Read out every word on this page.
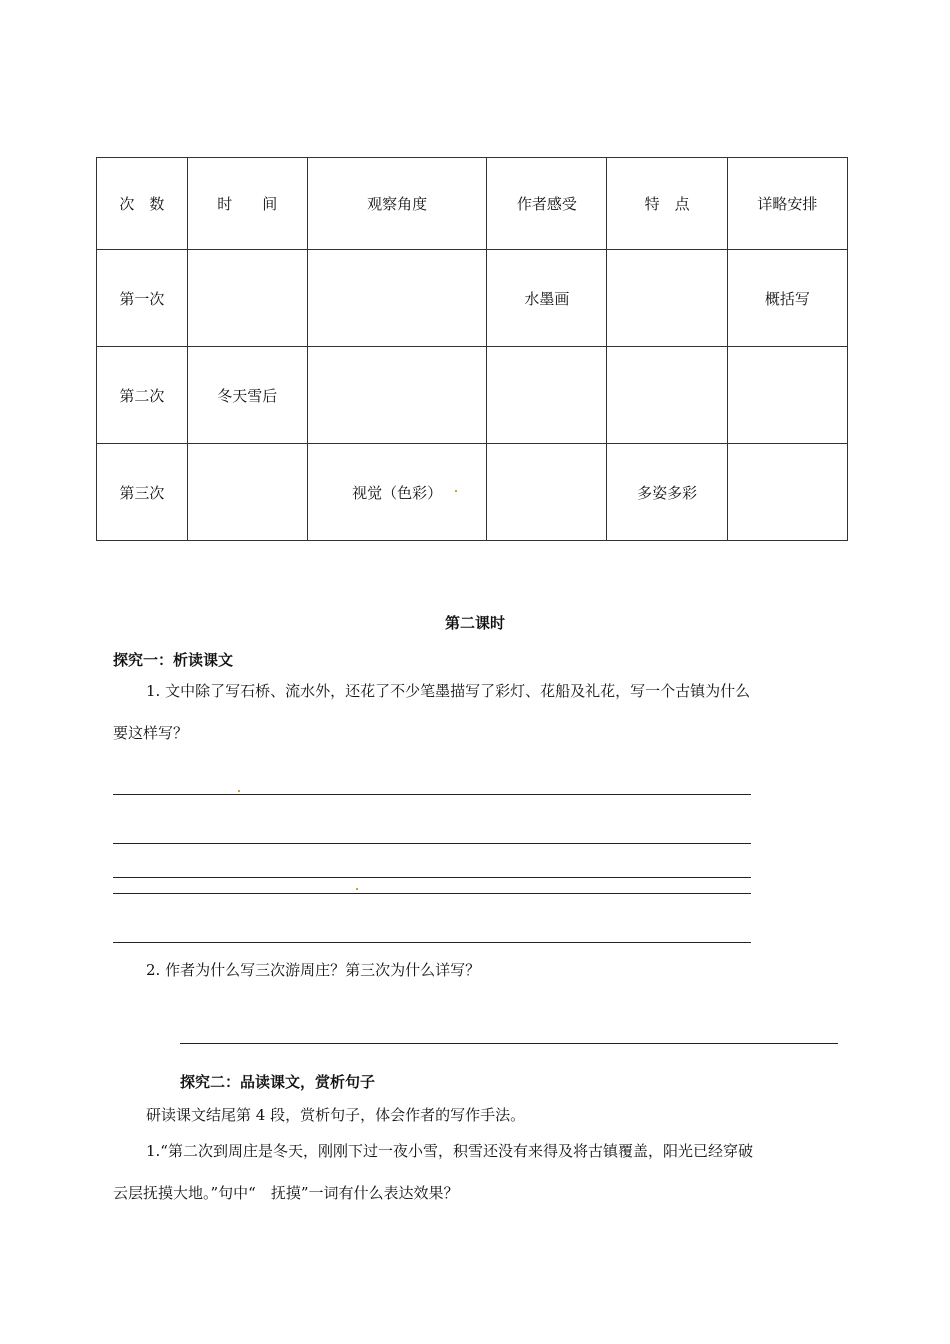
次　数	时　　间	观察角度	作者感受	特　点	详略安排
第一次			水墨画		概括写
第二次	冬天雪后				
第三次		视觉（色彩）		多姿多彩	
第二课时
探究一：析读课文
1. 文中除了写石桥、流水外，还花了不少笔墨描写了彩灯、花船及礼花，写一个古镇为什么
要这样写？
2. 作者为什么写三次游周庄？第三次为什么详写？
探究二：品读课文，赏析句子
研读课文结尾第 4 段，赏析句子，体会作者的写作手法。
1.“第二次到周庄是冬天，刚刚下过一夜小雪，积雪还没有来得及将古镇覆盖，阳光已经穿破
云层抚摸大地。”句中“　抚摸”一词有什么表达效果？
